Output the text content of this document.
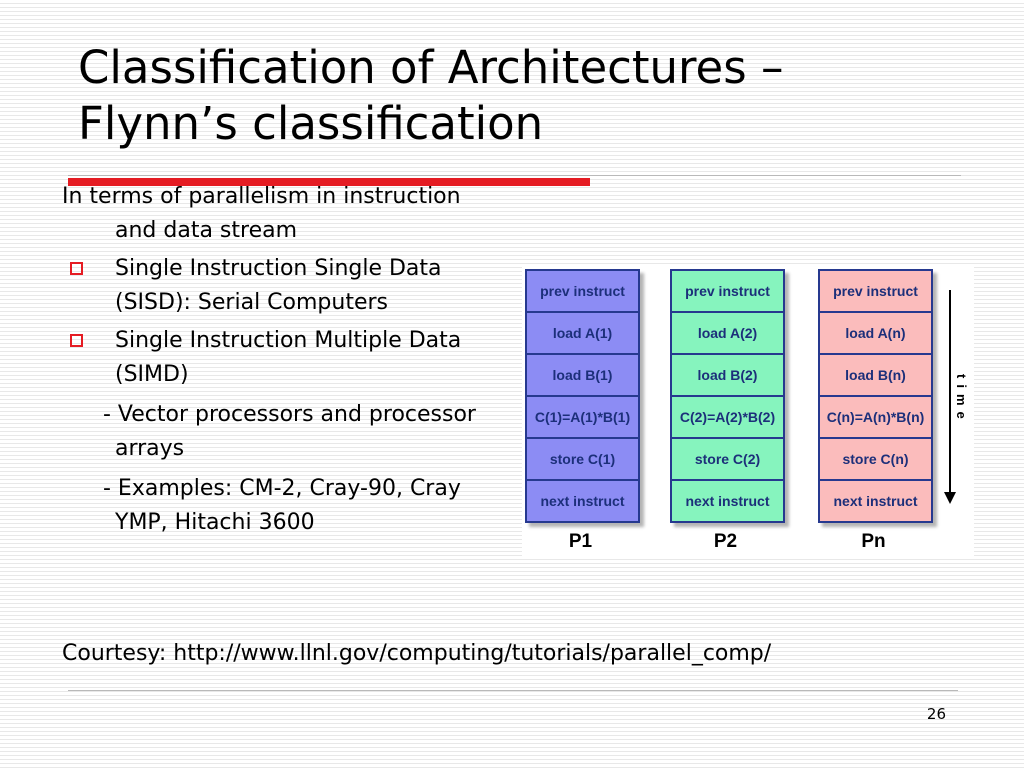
Classification of Architectures –
Flynn’s classification

In terms of parallelism in instruction and data stream

Single Instruction Single Data (SISD): Serial Computers
Single Instruction Multiple Data (SIMD)
- Vector processors and processor arrays
- Examples: CM-2, Cray-90, Cray YMP, Hitachi 3600
prev instruct
load A(1)
load B(1)
C(1)=A(1)*B(1)
store C(1)
next instruct
prev instruct
load A(2)
load B(2)
C(2)=A(2)*B(2)
store C(2)
next instruct
prev instruct
load A(n)
load B(n)
C(n)=A(n)*B(n)
store C(n)
next instruct
P1	P2	Pn
time
Courtesy: http://www.llnl.gov/computing/tutorials/parallel_comp/
26
